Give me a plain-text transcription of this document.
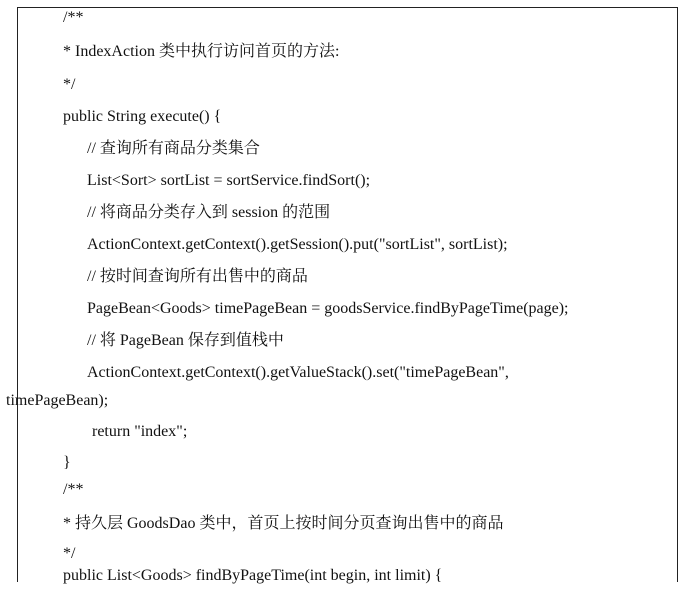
/**
* IndexAction 类中执行访问首页的方法:
*/
public String execute() {
// 查询所有商品分类集合
List<Sort> sortList = sortService.findSort();
// 将商品分类存入到 session 的范围
ActionContext.getContext().getSession().put("sortList", sortList);
// 按时间查询所有出售中的商品
PageBean<Goods> timePageBean = goodsService.findByPageTime(page);
// 将 PageBean 保存到值栈中
ActionContext.getContext().getValueStack().set("timePageBean",
timePageBean);
return "index";
}
/**
* 持久层 GoodsDao 类中，首页上按时间分页查询出售中的商品
*/
public List<Goods> findByPageTime(int begin, int limit) {
